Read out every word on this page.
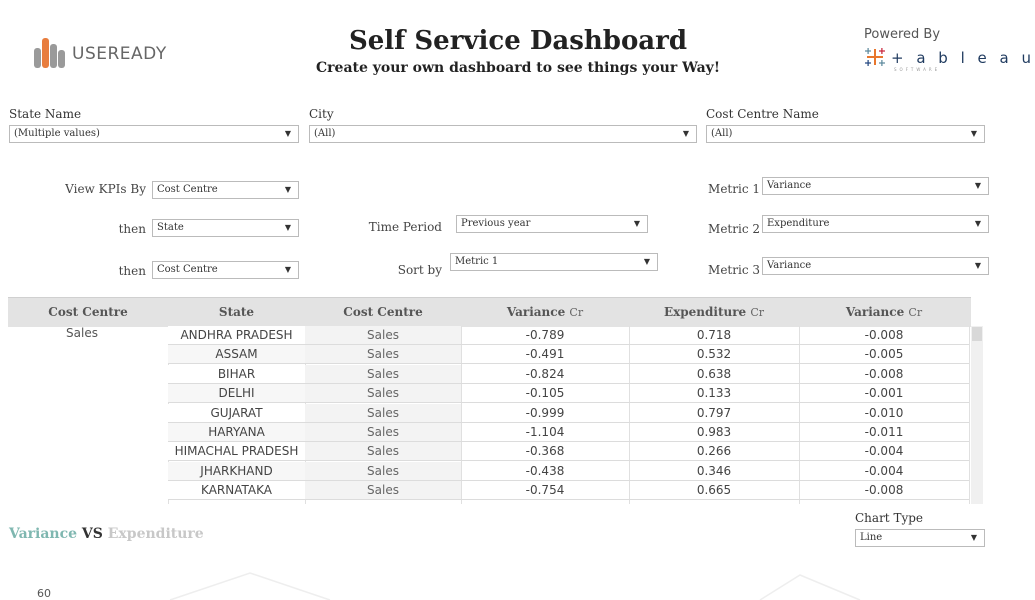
USEREADY	Self Service Dashboard
Create your own dashboard to see things your Way!
Powered By
+ a b l e a u
SOFTWARE
State Name
(Multiple values)	▼
City
(All)	▼
Cost Centre Name
(All)	▼
View KPIs By	Cost Centre	▼
then	State	▼
then	Cost Centre	▼
Time Period	Previous year	▼
Sort by
Metric 1	▼
Metric 1 Variance	▼
Metric 2 Expenditure	▼
Metric 3 Variance	▼
Cost Centre	State	Cost Centre	Variance Cr	Expenditure Cr	Variance Cr
Sales	ANDHRA PRADESH	Sales	-0.789	0.718	-0.008
ASSAM	Sales	-0.491	0.532	-0.005
BIHAR	Sales	-0.824	0.638	-0.008
DELHI	Sales	-0.105	0.133	-0.001
GUJARAT	Sales	-0.999	0.797	-0.010
HARYANA	Sales	-1.104	0.983	-0.011
HIMACHAL PRADESH	Sales	-0.368	0.266	-0.004
JHARKHAND	Sales	-0.438	0.346	-0.004
KARNATAKA	Sales	-0.754	0.665	-0.008
Variance VS Expenditure
Chart Type
Line	▼
60
